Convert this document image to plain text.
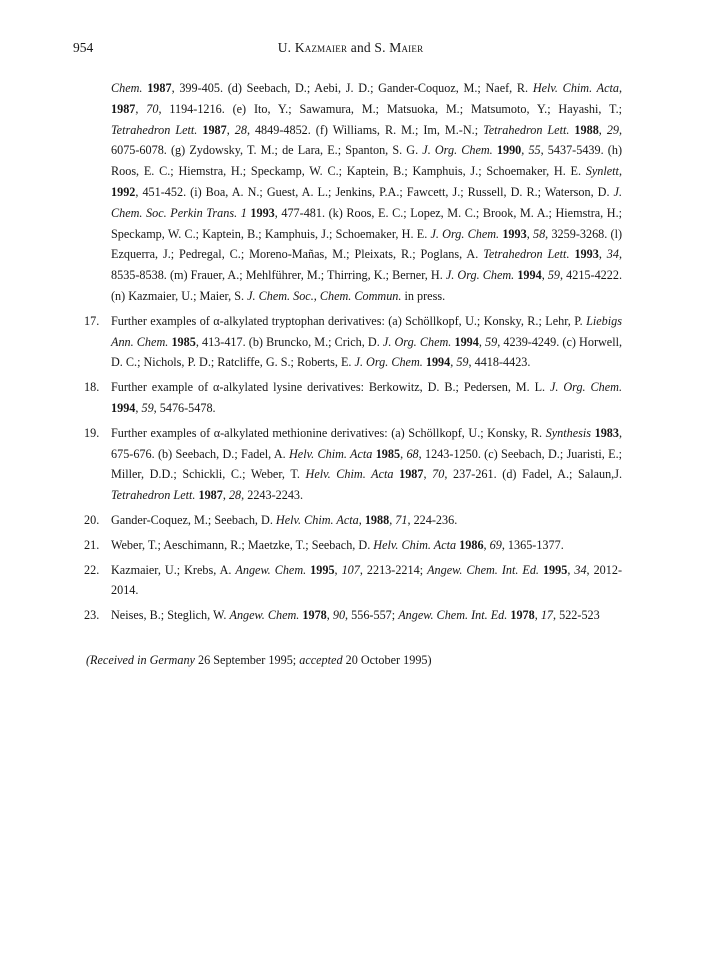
954	U. Kazmaier and S. Maier
Chem. 1987, 399-405. (d) Seebach, D.; Aebi, J. D.; Gander-Coquoz, M.; Naef, R. Helv. Chim. Acta, 1987, 70, 1194-1216. (e) Ito, Y.; Sawamura, M.; Matsuoka, M.; Matsumoto, Y.; Hayashi, T.; Tetrahedron Lett. 1987, 28, 4849-4852. (f) Williams, R. M.; Im, M.-N.; Tetrahedron Lett. 1988, 29, 6075-6078. (g) Zydowsky, T. M.; de Lara, E.; Spanton, S. G. J. Org. Chem. 1990, 55, 5437-5439. (h) Roos, E. C.; Hiemstra, H.; Speckamp, W. C.; Kaptein, B.; Kamphuis, J.; Schoemaker, H. E. Synlett, 1992, 451-452. (i) Boa, A. N.; Guest, A. L.; Jenkins, P.A.; Fawcett, J.; Russell, D. R.; Waterson, D. J. Chem. Soc. Perkin Trans. 1 1993, 477-481. (k) Roos, E. C.; Lopez, M. C.; Brook, M. A.; Hiemstra, H.; Speckamp, W. C.; Kaptein, B.; Kamphuis, J.; Schoemaker, H. E. J. Org. Chem. 1993, 58, 3259-3268. (l) Ezquerra, J.; Pedregal, C.; Moreno-Mañas, M.; Pleixats, R.; Poglans, A. Tetrahedron Lett. 1993, 34, 8535-8538. (m) Frauer, A.; Mehlführer, M.; Thirring, K.; Berner, H. J. Org. Chem. 1994, 59, 4215-4222. (n) Kazmaier, U.; Maier, S. J. Chem. Soc., Chem. Commun. in press.
17. Further examples of α-alkylated tryptophan derivatives: (a) Schöllkopf, U.; Konsky, R.; Lehr, P. Liebigs Ann. Chem. 1985, 413-417. (b) Bruncko, M.; Crich, D. J. Org. Chem. 1994, 59, 4239-4249. (c) Horwell, D. C.; Nichols, P. D.; Ratcliffe, G. S.; Roberts, E. J. Org. Chem. 1994, 59, 4418-4423.
18. Further example of α-alkylated lysine derivatives: Berkowitz, D. B.; Pedersen, M. L. J. Org. Chem. 1994, 59, 5476-5478.
19. Further examples of α-alkylated methionine derivatives: (a) Schöllkopf, U.; Konsky, R. Synthesis 1983, 675-676. (b) Seebach, D.; Fadel, A. Helv. Chim. Acta 1985, 68, 1243-1250. (c) Seebach, D.; Juaristi, E.; Miller, D.D.; Schickli, C.; Weber, T. Helv. Chim. Acta 1987, 70, 237-261. (d) Fadel, A.; Salaun,J. Tetrahedron Lett. 1987, 28, 2243-2243.
20. Gander-Coquez, M.; Seebach, D. Helv. Chim. Acta, 1988, 71, 224-236.
21. Weber, T.; Aeschimann, R.; Maetzke, T.; Seebach, D. Helv. Chim. Acta 1986, 69, 1365-1377.
22. Kazmaier, U.; Krebs, A. Angew. Chem. 1995, 107, 2213-2214; Angew. Chem. Int. Ed. 1995, 34, 2012-2014.
23. Neises, B.; Steglich, W. Angew. Chem. 1978, 90, 556-557; Angew. Chem. Int. Ed. 1978, 17, 522-523
(Received in Germany 26 September 1995; accepted 20 October 1995)
